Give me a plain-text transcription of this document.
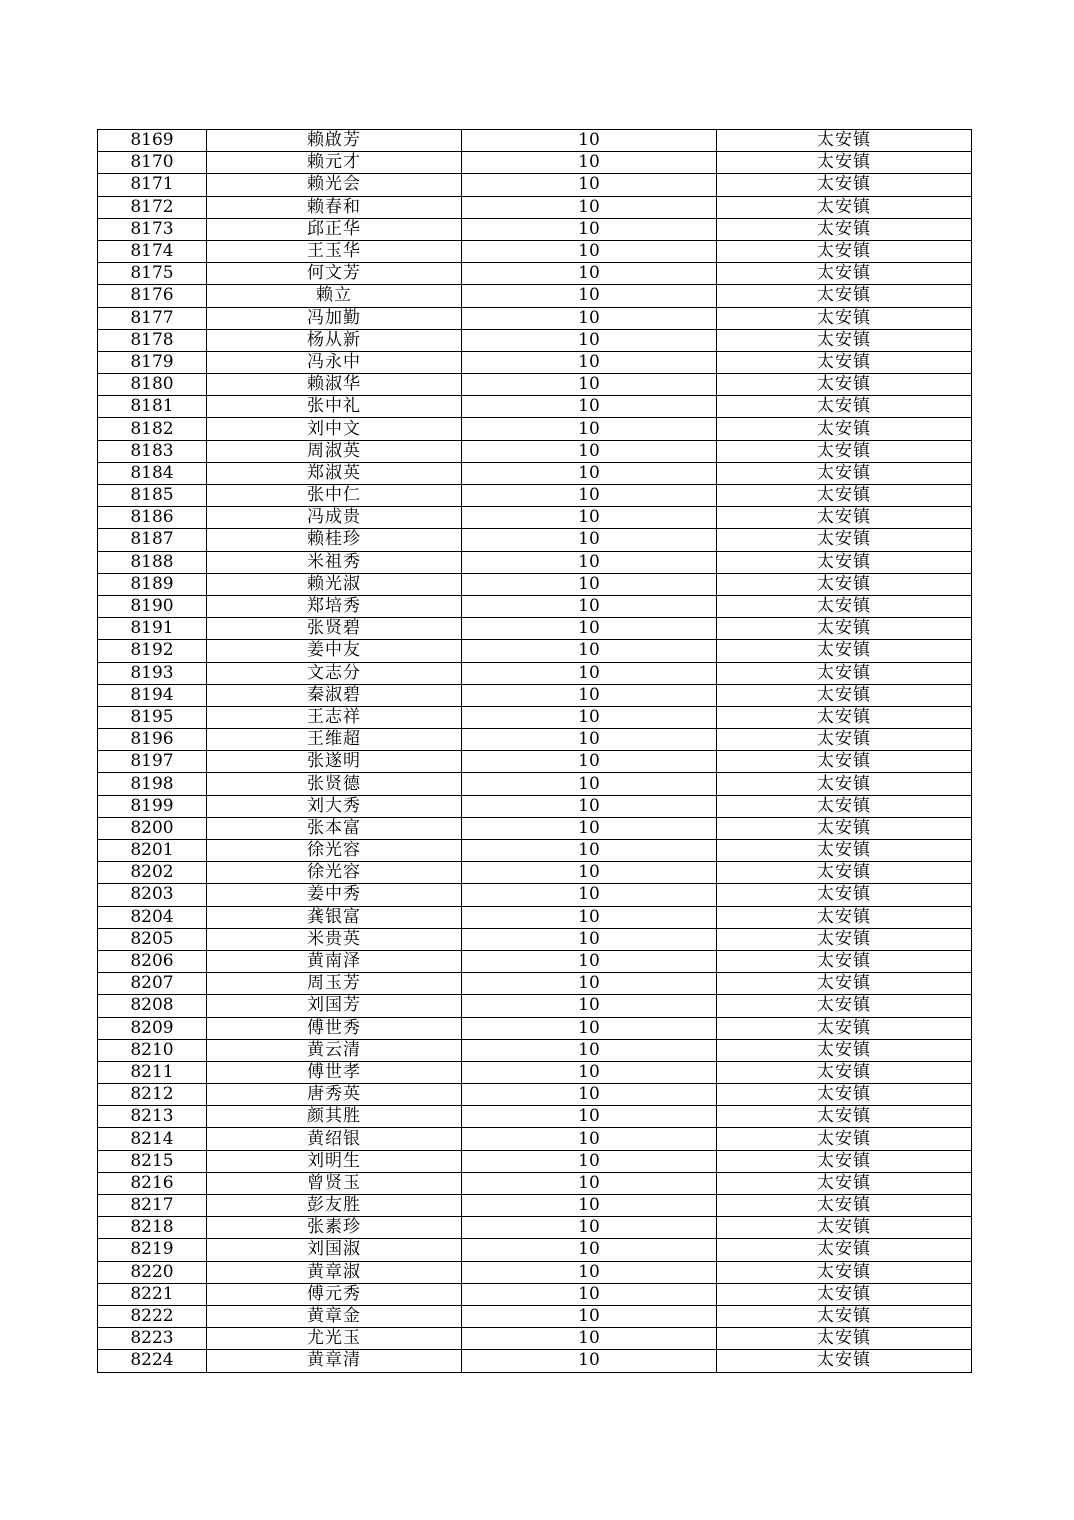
8169	赖啟芳	10	太安镇
8170	赖元才	10	太安镇
8171	赖光会	10	太安镇
8172	赖春和	10	太安镇
8173	邱正华	10	太安镇
8174	王玉华	10	太安镇
8175	何文芳	10	太安镇
8176	赖立	10	太安镇
8177	冯加勤	10	太安镇
8178	杨从新	10	太安镇
8179	冯永中	10	太安镇
8180	赖淑华	10	太安镇
8181	张中礼	10	太安镇
8182	刘中文	10	太安镇
8183	周淑英	10	太安镇
8184	郑淑英	10	太安镇
8185	张中仁	10	太安镇
8186	冯成贵	10	太安镇
8187	赖桂珍	10	太安镇
8188	米祖秀	10	太安镇
8189	赖光淑	10	太安镇
8190	郑培秀	10	太安镇
8191	张贤碧	10	太安镇
8192	姜中友	10	太安镇
8193	文志分	10	太安镇
8194	秦淑碧	10	太安镇
8195	王志祥	10	太安镇
8196	王维超	10	太安镇
8197	张遂明	10	太安镇
8198	张贤德	10	太安镇
8199	刘大秀	10	太安镇
8200	张本富	10	太安镇
8201	徐光容	10	太安镇
8202	徐光容	10	太安镇
8203	姜中秀	10	太安镇
8204	龚银富	10	太安镇
8205	米贵英	10	太安镇
8206	黄南泽	10	太安镇
8207	周玉芳	10	太安镇
8208	刘国芳	10	太安镇
8209	傅世秀	10	太安镇
8210	黄云清	10	太安镇
8211	傅世孝	10	太安镇
8212	唐秀英	10	太安镇
8213	颜其胜	10	太安镇
8214	黄绍银	10	太安镇
8215	刘明生	10	太安镇
8216	曾贤玉	10	太安镇
8217	彭友胜	10	太安镇
8218	张素珍	10	太安镇
8219	刘国淑	10	太安镇
8220	黄章淑	10	太安镇
8221	傅元秀	10	太安镇
8222	黄章金	10	太安镇
8223	尤光玉	10	太安镇
8224	黄章清	10	太安镇
